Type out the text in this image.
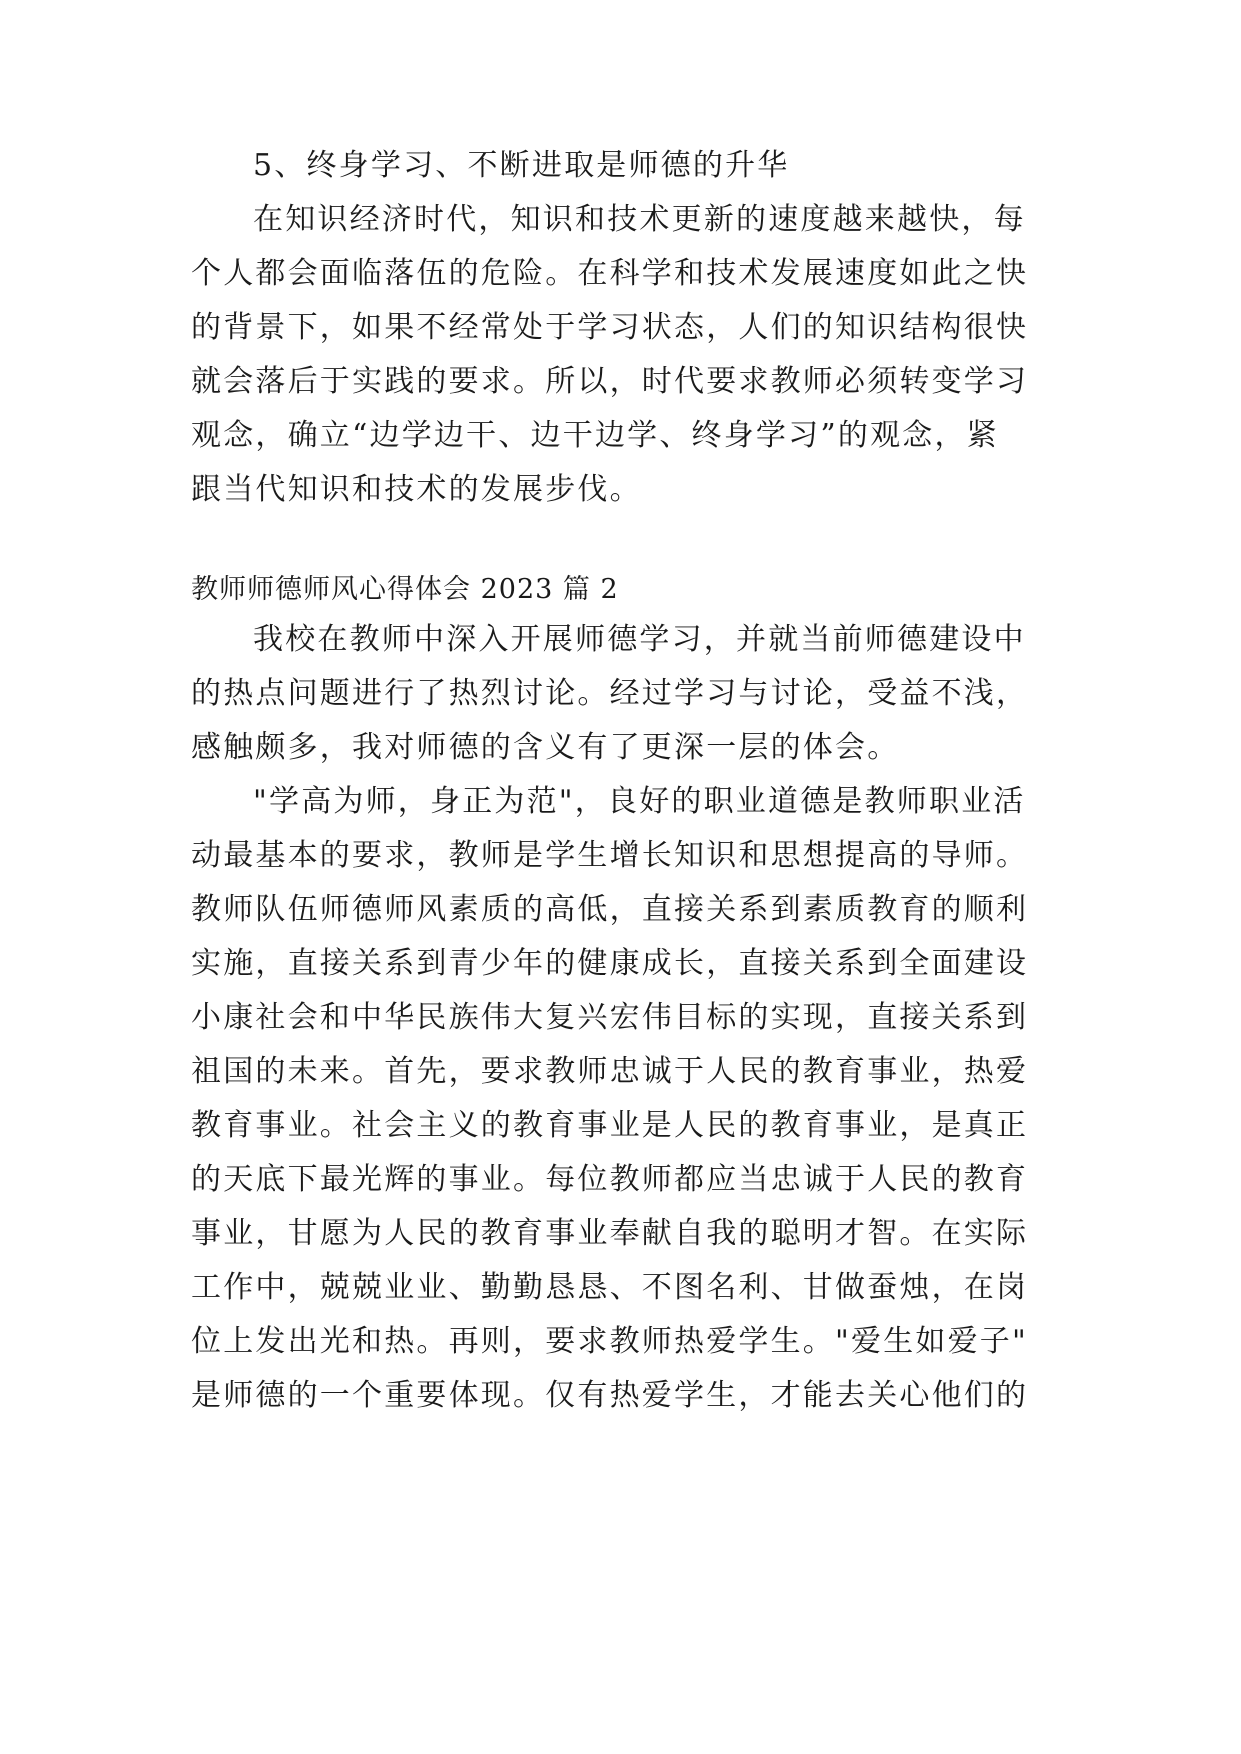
5、终身学习、不断进取是师德的升华
在知识经济时代，知识和技术更新的速度越来越快，每
个人都会面临落伍的危险。在科学和技术发展速度如此之快
的背景下，如果不经常处于学习状态，人们的知识结构很快
就会落后于实践的要求。所以，时代要求教师必须转变学习
观念，确立“边学边干、边干边学、终身学习”的观念，紧
跟当代知识和技术的发展步伐。
教师师德师风心得体会 2023 篇 2
我校在教师中深入开展师德学习，并就当前师德建设中
的热点问题进行了热烈讨论。经过学习与讨论，受益不浅，
感触颇多，我对师德的含义有了更深一层的体会。
"学高为师，身正为范"，良好的职业道德是教师职业活
动最基本的要求，教师是学生增长知识和思想提高的导师。
教师队伍师德师风素质的高低，直接关系到素质教育的顺利
实施，直接关系到青少年的健康成长，直接关系到全面建设
小康社会和中华民族伟大复兴宏伟目标的实现，直接关系到
祖国的未来。首先，要求教师忠诚于人民的教育事业，热爱
教育事业。社会主义的教育事业是人民的教育事业，是真正
的天底下最光辉的事业。每位教师都应当忠诚于人民的教育
事业，甘愿为人民的教育事业奉献自我的聪明才智。在实际
工作中，兢兢业业、勤勤恳恳、不图名利、甘做蚕烛，在岗
位上发出光和热。再则，要求教师热爱学生。"爱生如爱子"
是师德的一个重要体现。仅有热爱学生，才能去关心他们的
